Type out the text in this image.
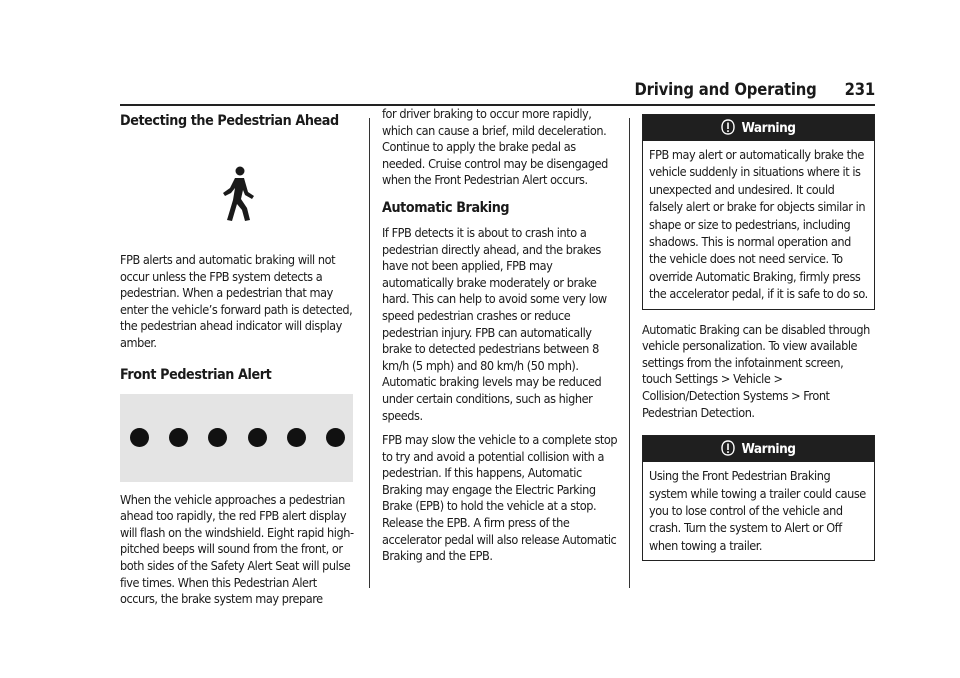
Driving and Operating 231
Detecting the Pedestrian Ahead

FPB alerts and automatic braking will not occur unless the FPB system detects a pedestrian. When a pedestrian that may enter the vehicle’s forward path is detected, the pedestrian ahead indicator will display amber.

Front Pedestrian Alert

When the vehicle approaches a pedestrian ahead too rapidly, the red FPB alert display will flash on the windshield. Eight rapid high-pitched beeps will sound from the front, or both sides of the Safety Alert Seat will pulse five times. When this Pedestrian Alert occurs, the brake system may prepare

for driver braking to occur more rapidly, which can cause a brief, mild deceleration. Continue to apply the brake pedal as needed. Cruise control may be disengaged when the Front Pedestrian Alert occurs.

Automatic Braking

If FPB detects it is about to crash into a pedestrian directly ahead, and the brakes have not been applied, FPB may automatically brake moderately or brake hard. This can help to avoid some very low speed pedestrian crashes or reduce pedestrian injury. FPB can automatically brake to detected pedestrians between 8 km/h (5 mph) and 80 km/h (50 mph). Automatic braking levels may be reduced under certain conditions, such as higher speeds.

FPB may slow the vehicle to a complete stop to try and avoid a potential collision with a pedestrian. If this happens, Automatic Braking may engage the Electric Parking Brake (EPB) to hold the vehicle at a stop. Release the EPB. A firm press of the accelerator pedal will also release Automatic Braking and the EPB.

Warning
FPB may alert or automatically brake the vehicle suddenly in situations where it is unexpected and undesired. It could falsely alert or brake for objects similar in shape or size to pedestrians, including shadows. This is normal operation and the vehicle does not need service. To override Automatic Braking, firmly press the accelerator pedal, if it is safe to do so.

Automatic Braking can be disabled through vehicle personalization. To view available settings from the infotainment screen, touch Settings > Vehicle > Collision/Detection Systems > Front Pedestrian Detection.

Warning
Using the Front Pedestrian Braking system while towing a trailer could cause you to lose control of the vehicle and crash. Turn the system to Alert or Off when towing a trailer.
